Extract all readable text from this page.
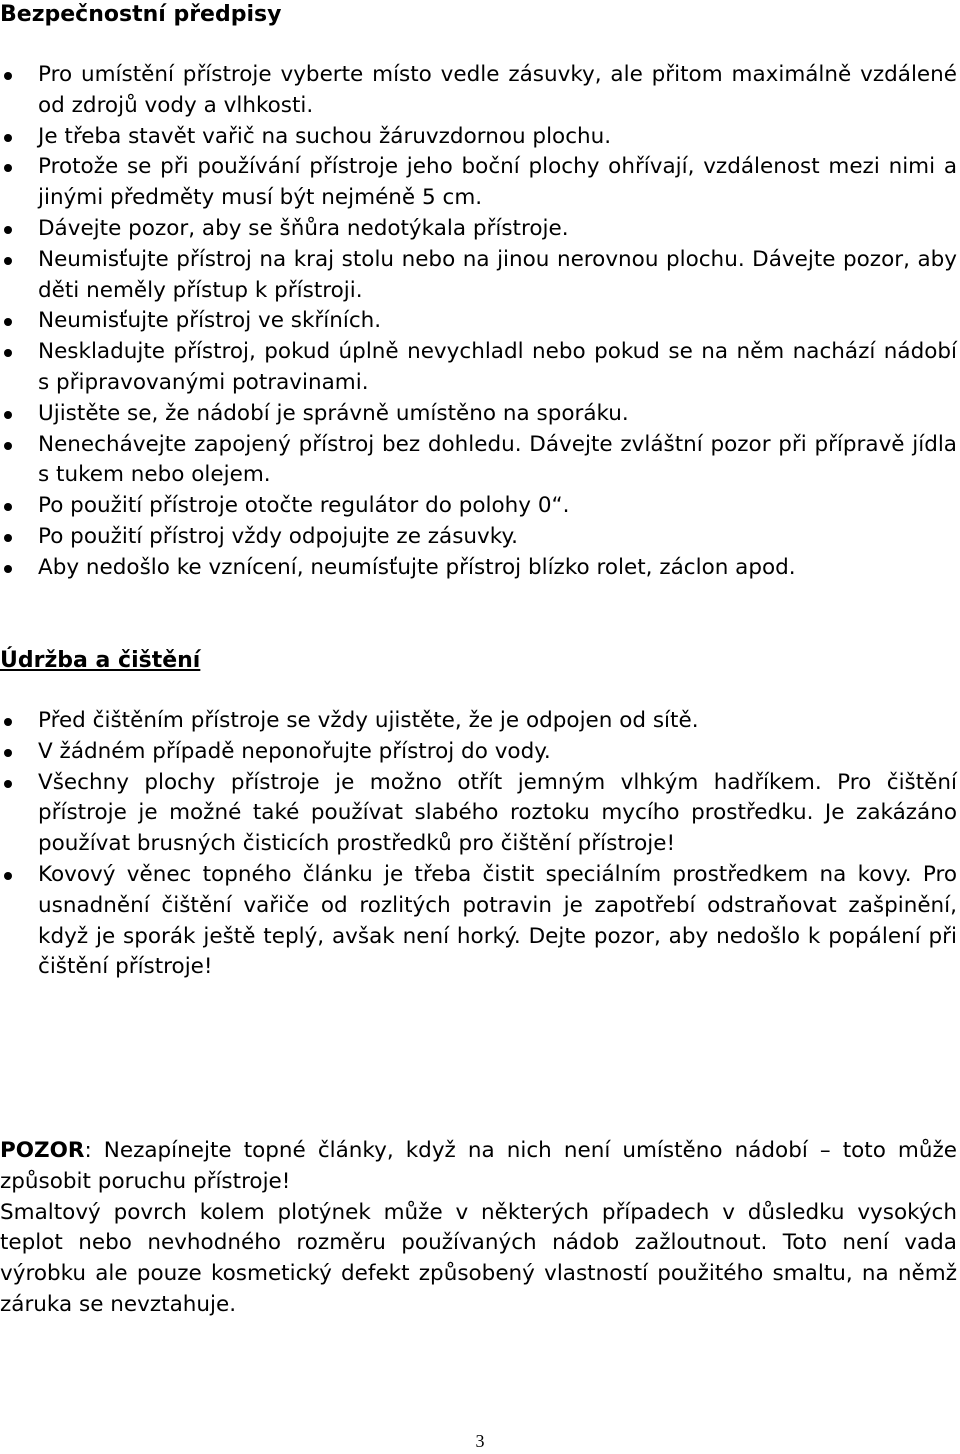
Bezpečnostní předpisy
Pro umístění přístroje vyberte místo vedle zásuvky, ale přitom maximálně vzdálené od zdrojů vody a vlhkosti.
Je třeba stavět vařič na suchou žáruvzdornou plochu.
Protože se při používání přístroje jeho boční plochy ohřívají, vzdálenost mezi nimi a jinými předměty musí být nejméně 5 cm.
Dávejte pozor, aby se šňůra nedotýkala přístroje.
Neumisťujte přístroj na kraj stolu nebo na jinou nerovnou plochu. Dávejte pozor, aby děti neměly přístup k přístroji.
Neumisťujte přístroj ve skříních.
Neskladujte přístroj, pokud úplně nevychladl nebo pokud se na něm nachází nádobí s připravovanými potravinami.
Ujistěte se, že nádobí je správně umístěno na sporáku.
Nenechávejte zapojený přístroj bez dohledu. Dávejte zvláštní pozor při přípravě jídla s tukem nebo olejem.
Po použití přístroje otočte regulátor do polohy 0“.
Po použití přístroj vždy odpojujte ze zásuvky.
Aby nedošlo ke vznícení, neumísťujte přístroj blízko rolet, záclon apod.
Údržba a čištění
Před čištěním přístroje se vždy ujistěte, že je odpojen od sítě.
V žádném případě neponořujte přístroj do vody.
Všechny plochy přístroje je možno otřít jemným vlhkým hadříkem. Pro čištění přístroje je možné také používat slabého roztoku mycího prostředku. Je zakázáno používat brusných čisticích prostředků pro čištění přístroje!
Kovový věnec topného článku je třeba čistit speciálním prostředkem na kovy. Pro usnadnění čištění vařiče od rozlitých potravin je zapotřebí odstraňovat zašpinění, když je sporák ještě teplý, avšak není horký. Dejte pozor, aby nedošlo k popálení při čištění přístroje!
POZOR: Nezapínejte topné články, když na nich není umístěno nádobí – toto může způsobit poruchu přístroje!
Smaltový povrch kolem plotýnek může v některých případech v důsledku vysokých teplot nebo nevhodného rozměru používaných nádob zažloutnout. Toto není vada výrobku ale pouze kosmetický defekt způsobený vlastností použitého smaltu, na němž záruka se nevztahuje.
3
